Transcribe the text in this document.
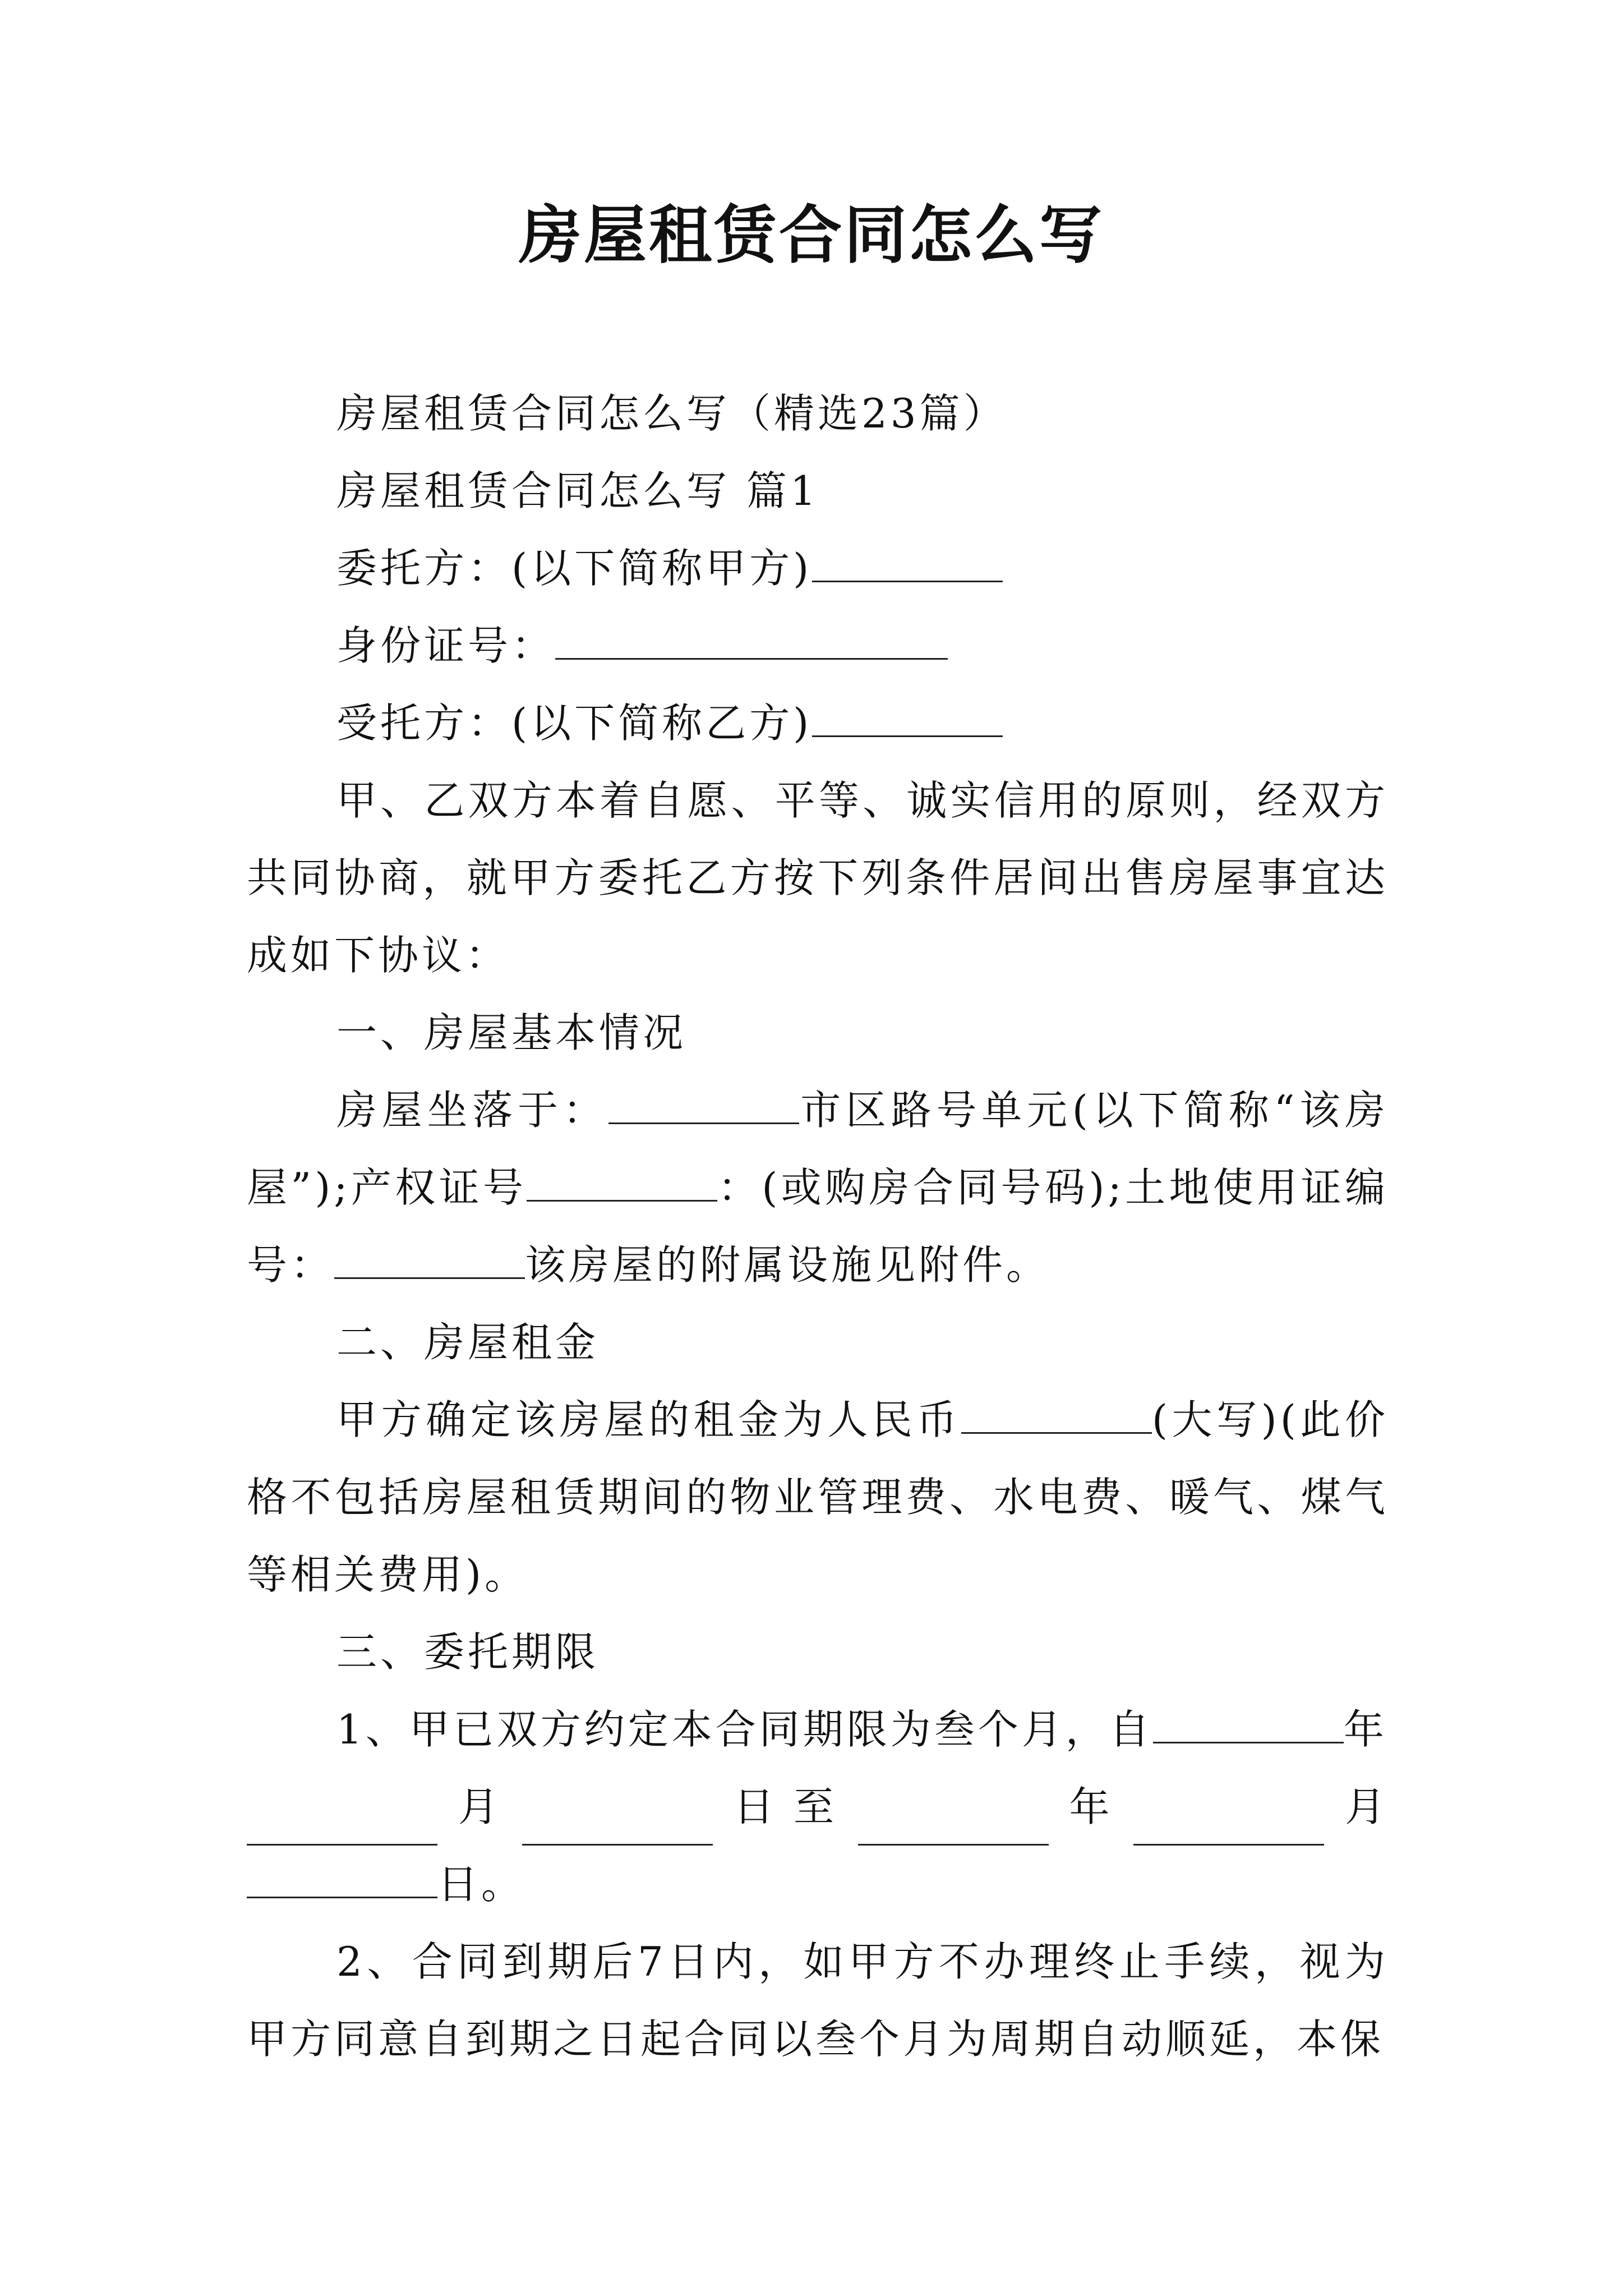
房屋租赁合同怎么写

房屋租赁合同怎么写（精选23篇）

房屋租赁合同怎么写 篇1

委托方：(以下简称甲方)

身份证号：

受托方：(以下简称乙方)

甲、乙双方本着自愿、平等、诚实信用的原则，经双方共同协商，就甲方委托乙方按下列条件居间出售房屋事宜达成如下协议：

一、房屋基本情况

房屋坐落于：	市区路号单元(以下简称“该房屋”);产权证号	：(或购房合同号码);土地使用证编号：	该房屋的附属设施见附件。

二、房屋租金

甲方确定该房屋的租金为人民币	(大写)(此价格不包括房屋租赁期间的物业管理费、水电费、暖气、煤气等相关费用)。

三、委托期限

1、甲已双方约定本合同期限为叁个月，自	年

月	日 至	年	月

日。

2、合同到期后7日内，如甲方不办理终止手续，视为甲方同意自到期之日起合同以叁个月为周期自动顺延，本保
